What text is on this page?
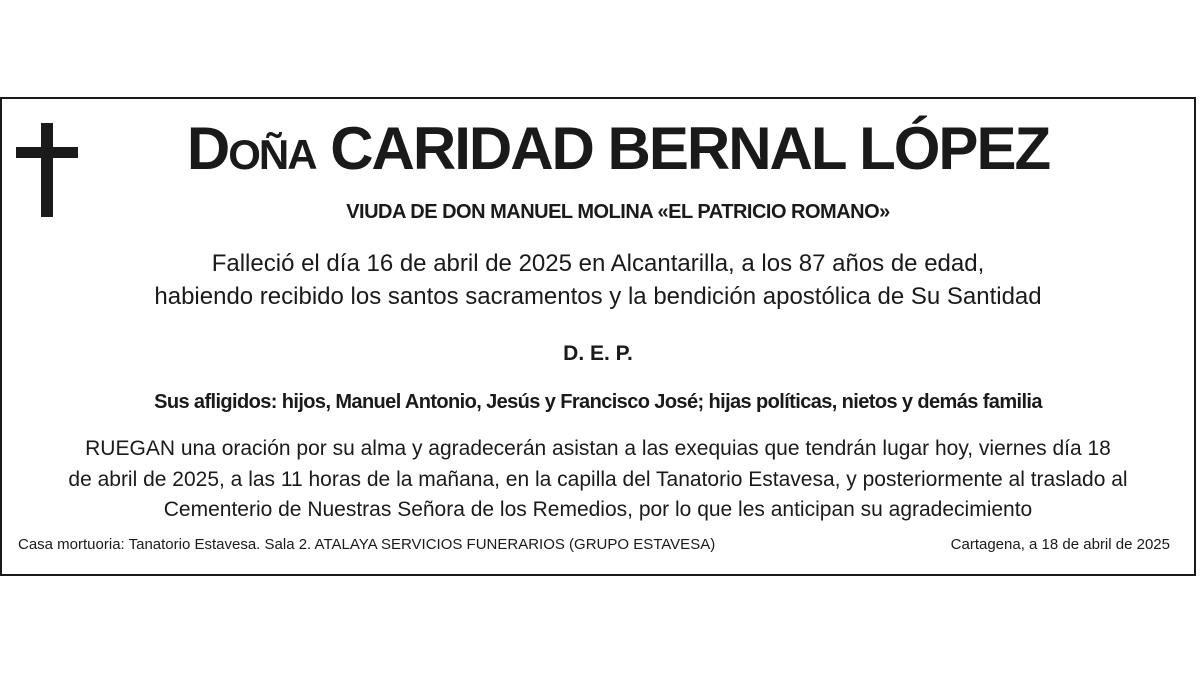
Doña CARIDAD BERNAL LÓPEZ
VIUDA DE DON MANUEL MOLINA «EL PATRICIO ROMANO»
Falleció el día 16 de abril de 2025 en Alcantarilla, a los 87 años de edad,
habiendo recibido los santos sacramentos y la bendición apostólica de Su Santidad
D. E. P.
Sus afligidos: hijos, Manuel Antonio, Jesús y Francisco José; hijas políticas, nietos y demás familia
RUEGAN una oración por su alma y agradecerán asistan a las exequias que tendrán lugar hoy, viernes día 18
de abril de 2025, a las 11 horas de la mañana, en la capilla del Tanatorio Estavesa, y posteriormente al traslado al
Cementerio de Nuestras Señora de los Remedios, por lo que les anticipan su agradecimiento
Casa mortuoria: Tanatorio Estavesa. Sala 2. ATALAYA SERVICIOS FUNERARIOS (GRUPO ESTAVESA)	Cartagena, a 18 de abril de 2025
